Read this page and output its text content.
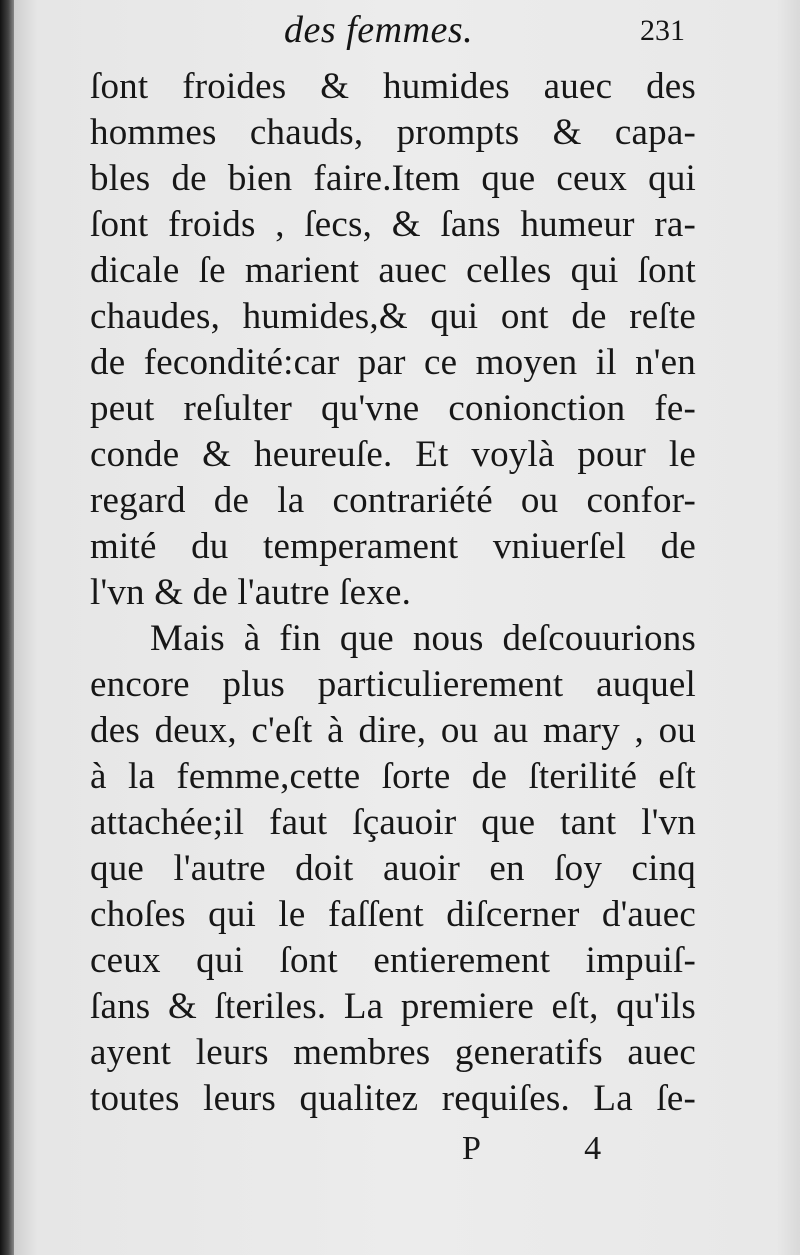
des femmes.	231
ſont froides & humides auec des
hommes chauds, prompts & capa-
bles de bien faire.Item que ceux qui
ſont froids , ſecs, & ſans humeur ra-
dicale ſe marient auec celles qui ſont
chaudes, humides,& qui ont de reſte
de fecondité:car par ce moyen il n'en
peut reſulter qu'vne conionction fe-
conde & heureuſe. Et voylà pour le
regard de la contrariété ou confor-
mité du temperament vniuerſel de
l'vn & de l'autre ſexe.
Mais à fin que nous deſcouurions
encore plus particulierement auquel
des deux, c'eſt à dire, ou au mary , ou
à la femme,cette ſorte de ſterilité eſt
attachée;il faut ſçauoir que tant l'vn
que l'autre doit auoir en ſoy cinq
choſes qui le faſſent diſcerner d'auec
ceux qui ſont entierement impuiſ-
ſans & ſteriles. La premiere eſt, qu'ils
ayent leurs membres generatifs auec
toutes leurs qualitez requiſes. La ſe-
P 4
